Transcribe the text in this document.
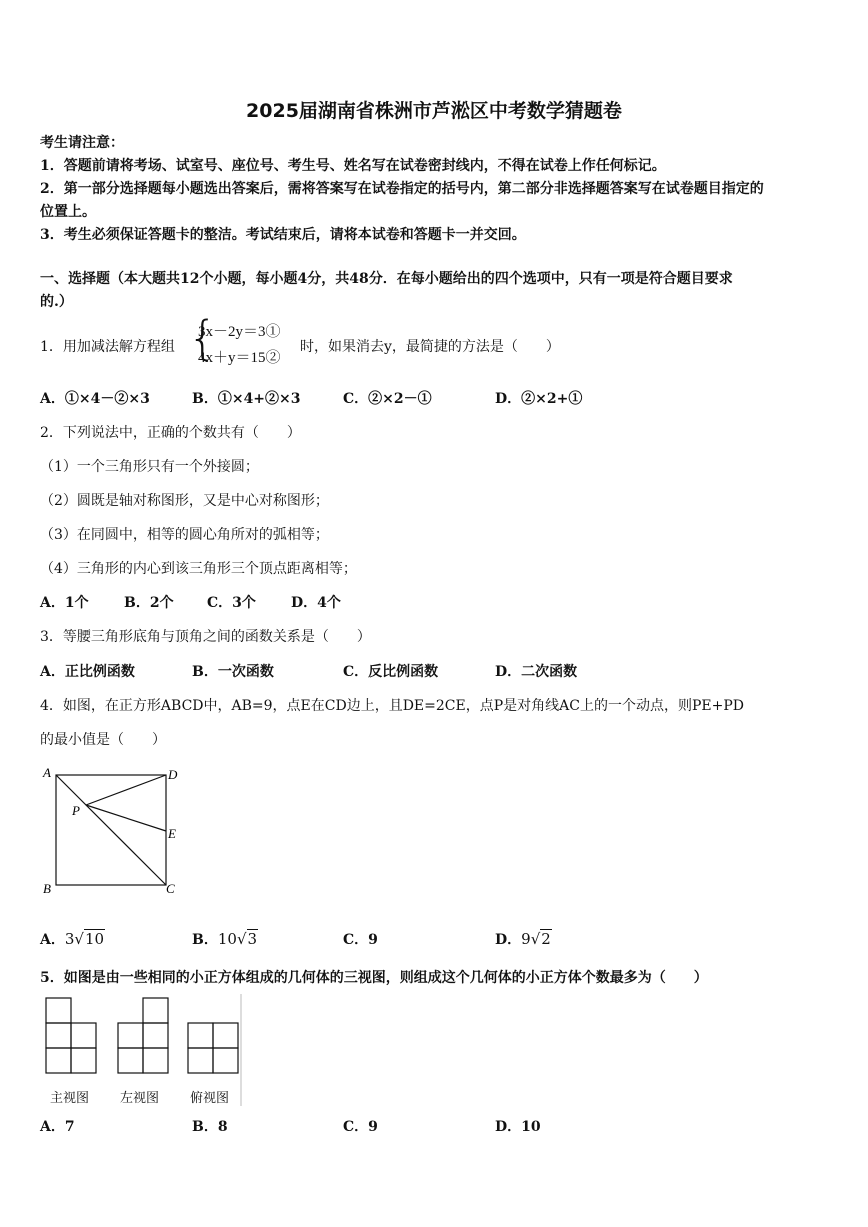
2025届湖南省株洲市芦淞区中考数学猜题卷
考生请注意：
1．答题前请将考场、试室号、座位号、考生号、姓名写在试卷密封线内，不得在试卷上作任何标记。
2．第一部分选择题每小题选出答案后，需将答案写在试卷指定的括号内，第二部分非选择题答案写在试卷题目指定的
位置上。
3．考生必须保证答题卡的整洁。考试结束后，请将本试卷和答题卡一并交回。
一、选择题（本大题共12个小题，每小题4分，共48分．在每小题给出的四个选项中，只有一项是符合题目要求
的.）
1．用加减法解方程组 {
3x－2y＝3①
4x＋y＝15②
时，如果消去y，最简捷的方法是（　　）
A．①×4－②×3	B．①×4+②×3	C．②×2－①	D．②×2+①
2．下列说法中，正确的个数共有（　　）
（1）一个三角形只有一个外接圆；
（2）圆既是轴对称图形，又是中心对称图形；
（3）在同圆中，相等的圆心角所对的弧相等；
（4）三角形的内心到该三角形三个顶点距离相等；
A．1个	B．2个 C．3个	D．4个
3．等腰三角形底角与顶角之间的函数关系是（　　）
A．正比例函数	B．一次函数	C．反比例函数	D．二次函数
4．如图，在正方形ABCD中，AB=9，点E在CD边上，且DE=2CE，点P是对角线AC上的一个动点，则PE+PD
的最小值是（　　）
A	D
P
E
B	C
A．3√10	B．10√3	C．9	D．9√2
5．如图是由一些相同的小正方体组成的几何体的三视图，则组成这个几何体的小正方体个数最多为（　　）
主视图 左视图 俯视图
A．7	B．8	C．9	D．10
